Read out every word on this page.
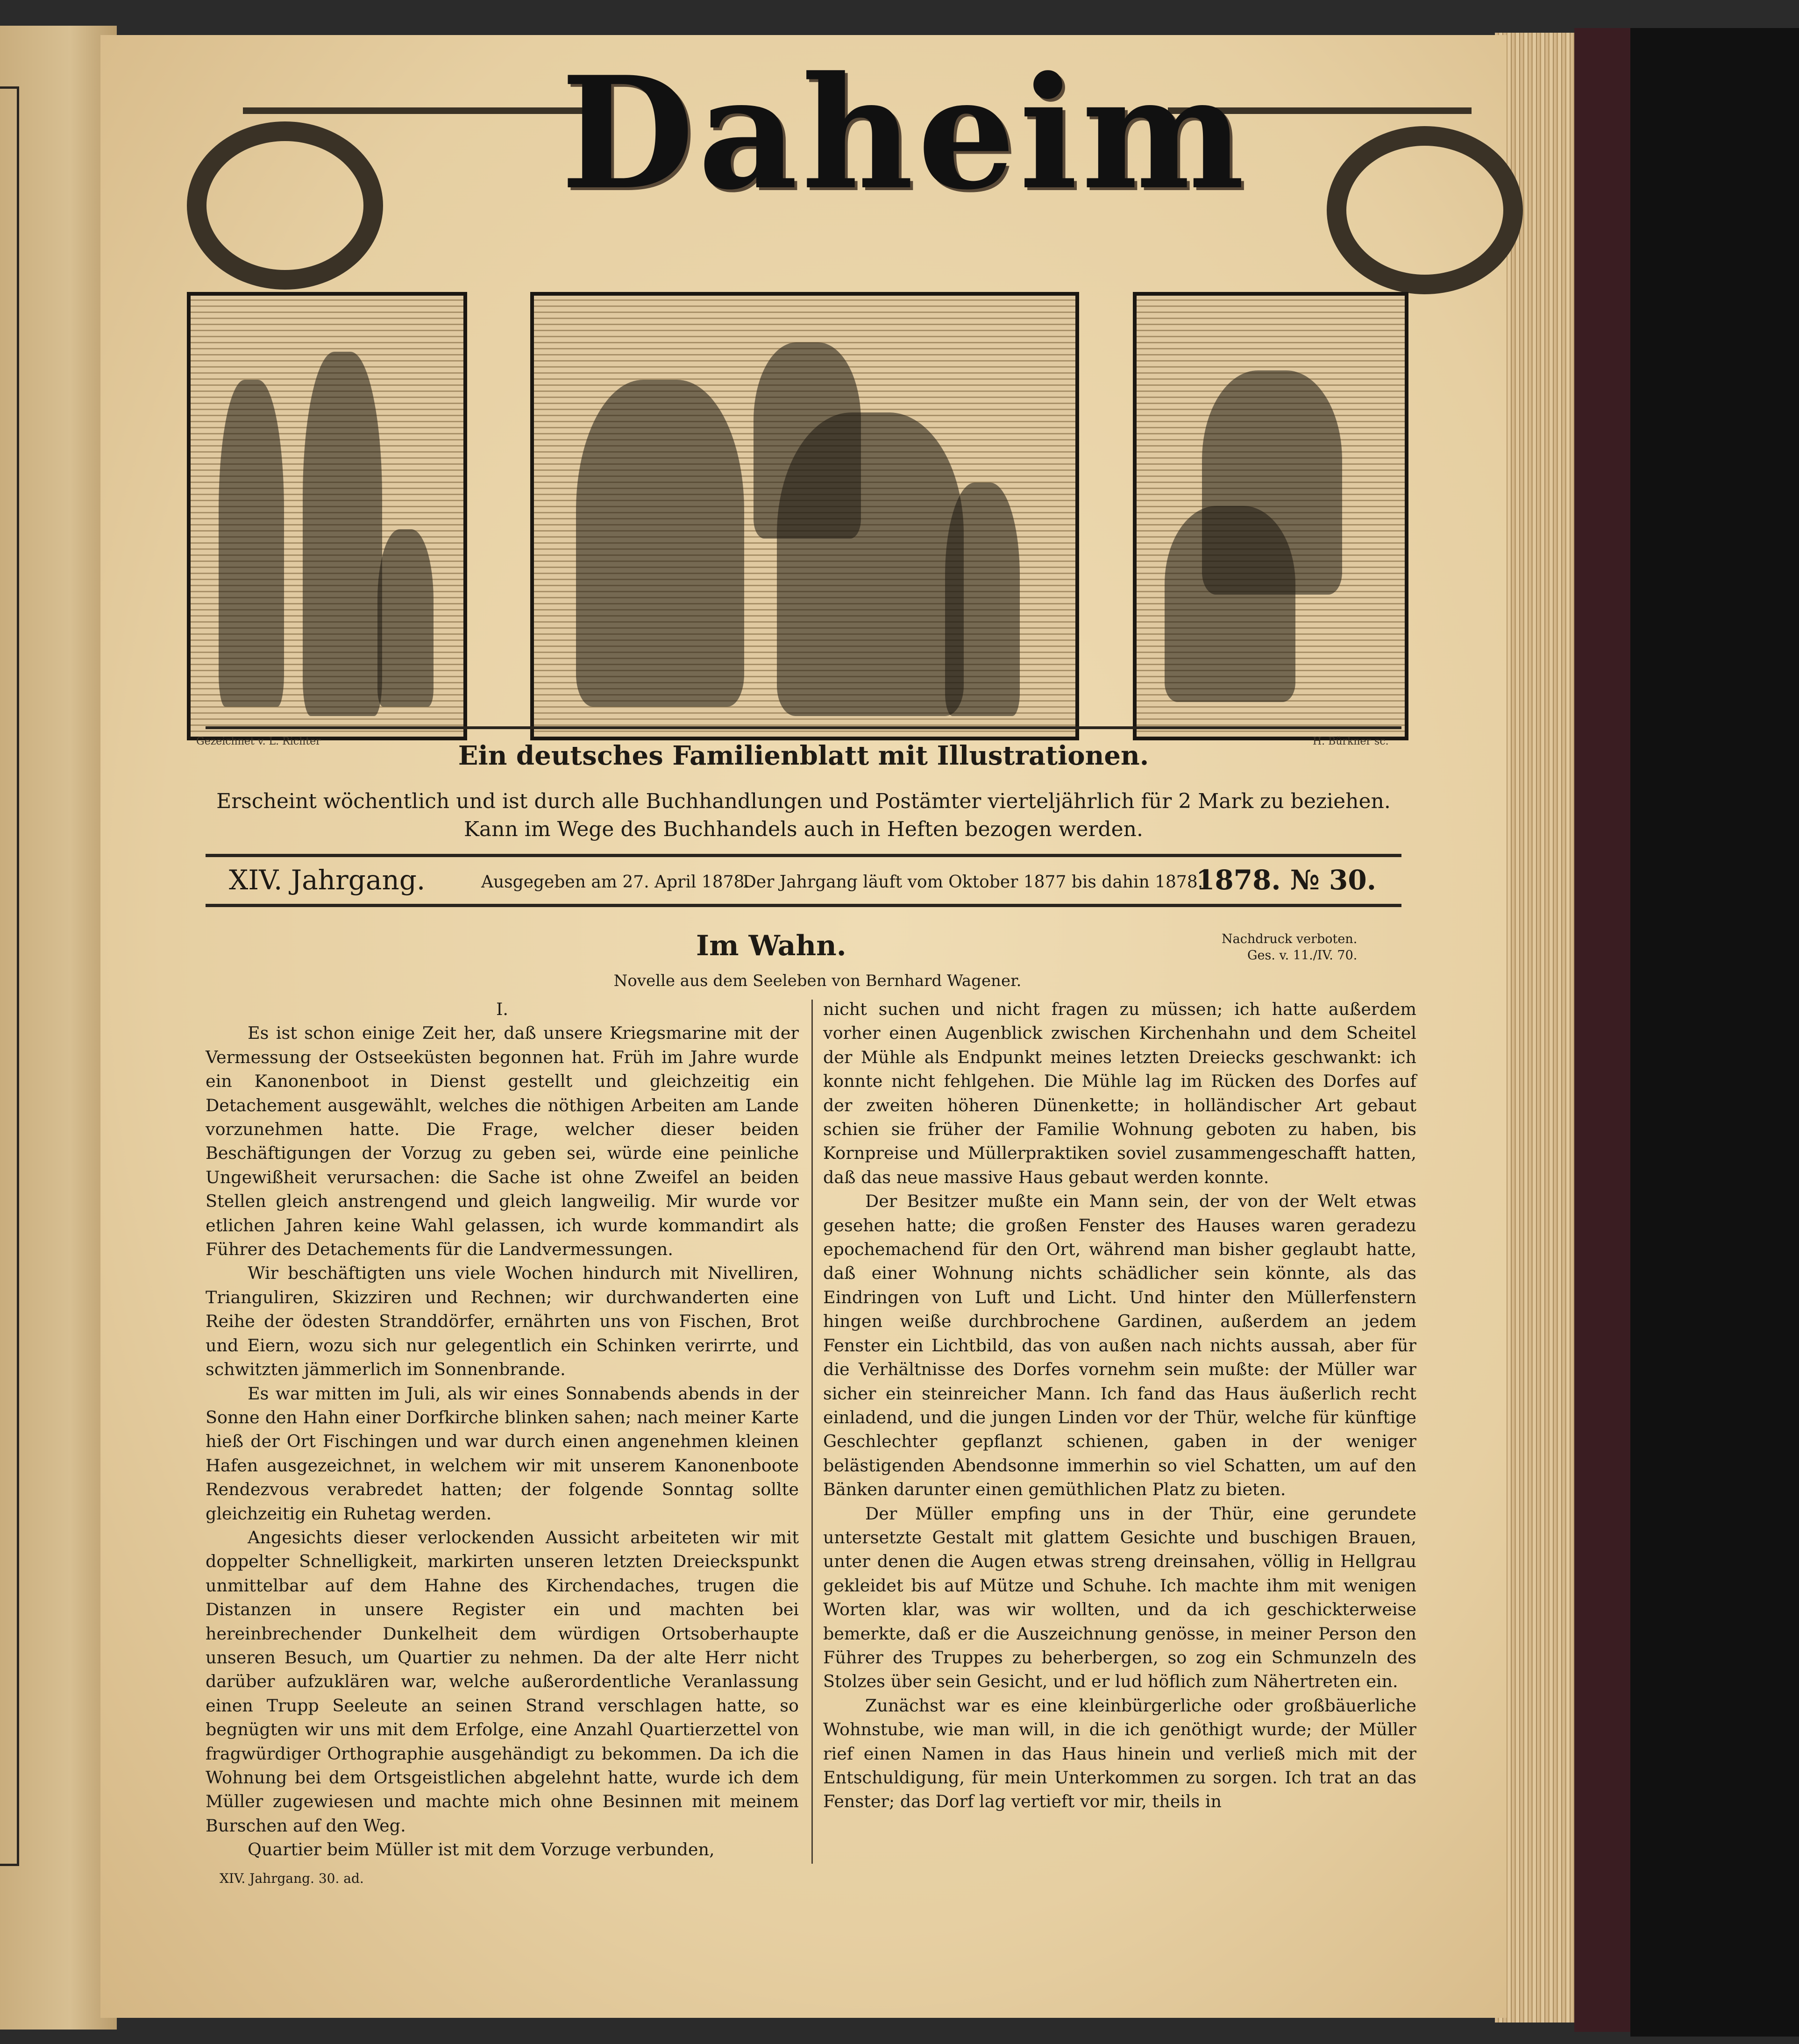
Daheim
Gezeichnet v. L. Richter	H. Bürkner sc.
Ein deutsches Familienblatt mit Illustrationen.
Erscheint wöchentlich und ist durch alle Buchhandlungen und Postämter vierteljährlich für 2 Mark zu beziehen.
Kann im Wege des Buchhandels auch in Heften bezogen werden.
XIV. Jahrgang.	Ausgegeben am 27. April 1878.
Der Jahrgang läuft vom Oktober 1877 bis dahin 1878.
1878. № 30.
Im Wahn.	Nachdruck verboten.
Ges. v. 11./IV. 70.
Novelle aus dem Seeleben von Bernhard Wagener.

I.

Es ist schon einige Zeit her, daß unsere Kriegsmarine mit der Vermessung der Ostseeküsten begonnen hat. Früh im Jahre wurde ein Kanonenboot in Dienst gestellt und gleichzeitig ein Detachement ausgewählt, welches die nöthigen Arbeiten am Lande vorzunehmen hatte. Die Frage, welcher dieser beiden Beschäftigungen der Vorzug zu geben sei, würde eine peinliche Ungewißheit verursachen: die Sache ist ohne Zweifel an beiden Stellen gleich anstrengend und gleich langweilig. Mir wurde vor etlichen Jahren keine Wahl gelassen, ich wurde kommandirt als Führer des Detachements für die Landvermessungen.

Wir beschäftigten uns viele Wochen hindurch mit Nivelliren, Trianguliren, Skizziren und Rechnen; wir durchwanderten eine Reihe der ödesten Stranddörfer, ernährten uns von Fischen, Brot und Eiern, wozu sich nur gelegentlich ein Schinken verirrte, und schwitzten jämmerlich im Sonnenbrande.

Es war mitten im Juli, als wir eines Sonnabends abends in der Sonne den Hahn einer Dorfkirche blinken sahen; nach meiner Karte hieß der Ort Fischingen und war durch einen angenehmen kleinen Hafen ausgezeichnet, in welchem wir mit unserem Kanonenboote Rendezvous verabredet hatten; der folgende Sonntag sollte gleichzeitig ein Ruhetag werden.

Angesichts dieser verlockenden Aussicht arbeiteten wir mit doppelter Schnelligkeit, markirten unseren letzten Dreieckspunkt unmittelbar auf dem Hahne des Kirchendaches, trugen die Distanzen in unsere Register ein und machten bei hereinbrechender Dunkelheit dem würdigen Ortsoberhaupte unseren Besuch, um Quartier zu nehmen. Da der alte Herr nicht darüber aufzuklären war, welche außerordentliche Veranlassung einen Trupp Seeleute an seinen Strand verschlagen hatte, so begnügten wir uns mit dem Erfolge, eine Anzahl Quartierzettel von fragwürdiger Orthographie ausgehändigt zu bekommen. Da ich die Wohnung bei dem Ortsgeistlichen abgelehnt hatte, wurde ich dem Müller zugewiesen und machte mich ohne Besinnen mit meinem Burschen auf den Weg.

Quartier beim Müller ist mit dem Vorzuge verbunden,

nicht suchen und nicht fragen zu müssen; ich hatte außerdem vorher einen Augenblick zwischen Kirchenhahn und dem Scheitel der Mühle als Endpunkt meines letzten Dreiecks geschwankt: ich konnte nicht fehlgehen. Die Mühle lag im Rücken des Dorfes auf der zweiten höheren Dünenkette; in holländischer Art gebaut schien sie früher der Familie Wohnung geboten zu haben, bis Kornpreise und Müllerpraktiken soviel zusammengeschafft hatten, daß das neue massive Haus gebaut werden konnte.

Der Besitzer mußte ein Mann sein, der von der Welt etwas gesehen hatte; die großen Fenster des Hauses waren geradezu epochemachend für den Ort, während man bisher geglaubt hatte, daß einer Wohnung nichts schädlicher sein könnte, als das Eindringen von Luft und Licht. Und hinter den Müllerfenstern hingen weiße durchbrochene Gardinen, außerdem an jedem Fenster ein Lichtbild, das von außen nach nichts aussah, aber für die Verhältnisse des Dorfes vornehm sein mußte: der Müller war sicher ein steinreicher Mann. Ich fand das Haus äußerlich recht einladend, und die jungen Linden vor der Thür, welche für künftige Geschlechter gepflanzt schienen, gaben in der weniger belästigenden Abendsonne immerhin so viel Schatten, um auf den Bänken darunter einen gemüthlichen Platz zu bieten.

Der Müller empfing uns in der Thür, eine gerundete untersetzte Gestalt mit glattem Gesichte und buschigen Brauen, unter denen die Augen etwas streng dreinsahen, völlig in Hellgrau gekleidet bis auf Mütze und Schuhe. Ich machte ihm mit wenigen Worten klar, was wir wollten, und da ich geschickterweise bemerkte, daß er die Auszeichnung genösse, in meiner Person den Führer des Truppes zu beherbergen, so zog ein Schmunzeln des Stolzes über sein Gesicht, und er lud höflich zum Nähertreten ein.

Zunächst war es eine kleinbürgerliche oder großbäuerliche Wohnstube, wie man will, in die ich genöthigt wurde; der Müller rief einen Namen in das Haus hinein und verließ mich mit der Entschuldigung, für mein Unterkommen zu sorgen. Ich trat an das Fenster; das Dorf lag vertieft vor mir, theils in

XIV. Jahrgang. 30. ad.
